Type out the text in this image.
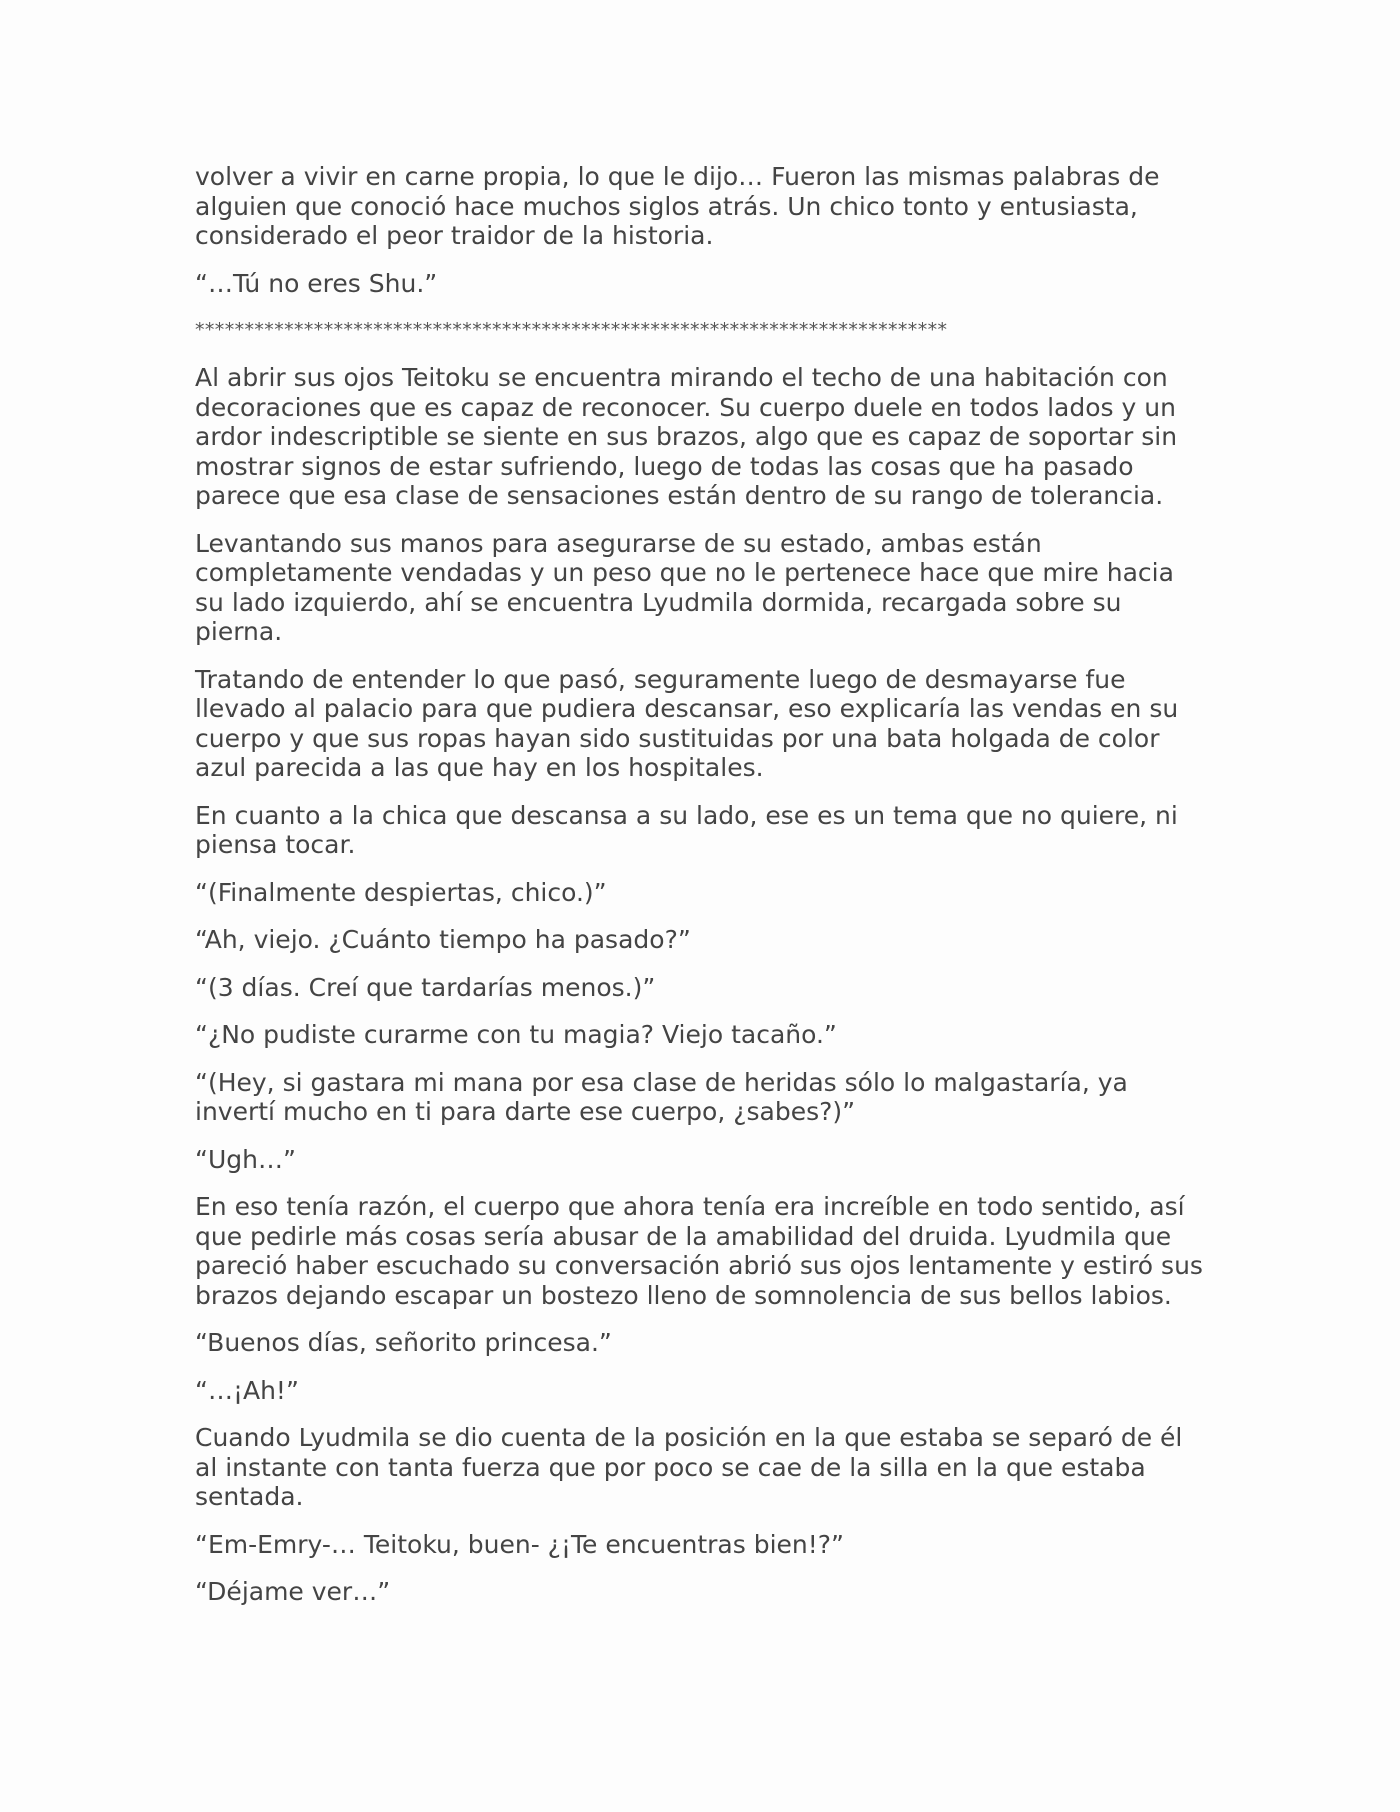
volver a vivir en carne propia, lo que le dijo… Fueron las mismas palabras de alguien que conoció hace muchos siglos atrás. Un chico tonto y entusiasta, considerado el peor traidor de la historia.

“…Tú no eres Shu.”

****************************************************************************

Al abrir sus ojos Teitoku se encuentra mirando el techo de una habitación con decoraciones que es capaz de reconocer. Su cuerpo duele en todos lados y un ardor indescriptible se siente en sus brazos, algo que es capaz de soportar sin mostrar signos de estar sufriendo, luego de todas las cosas que ha pasado parece que esa clase de sensaciones están dentro de su rango de tolerancia.

Levantando sus manos para asegurarse de su estado, ambas están completamente vendadas y un peso que no le pertenece hace que mire hacia su lado izquierdo, ahí se encuentra Lyudmila dormida, recargada sobre su pierna.

Tratando de entender lo que pasó, seguramente luego de desmayarse fue llevado al palacio para que pudiera descansar, eso explicaría las vendas en su cuerpo y que sus ropas hayan sido sustituidas por una bata holgada de color azul parecida a las que hay en los hospitales.

En cuanto a la chica que descansa a su lado, ese es un tema que no quiere, ni piensa tocar.

“(Finalmente despiertas, chico.)”

“Ah, viejo. ¿Cuánto tiempo ha pasado?”

“(3 días. Creí que tardarías menos.)”

“¿No pudiste curarme con tu magia? Viejo tacaño.”

“(Hey, si gastara mi mana por esa clase de heridas sólo lo malgastaría, ya invertí mucho en ti para darte ese cuerpo, ¿sabes?)”

“Ugh…”

En eso tenía razón, el cuerpo que ahora tenía era increíble en todo sentido, así que pedirle más cosas sería abusar de la amabilidad del druida. Lyudmila que pareció haber escuchado su conversación abrió sus ojos lentamente y estiró sus brazos dejando escapar un bostezo lleno de somnolencia de sus bellos labios.

“Buenos días, señorito princesa.”

“…¡Ah!”

Cuando Lyudmila se dio cuenta de la posición en la que estaba se separó de él al instante con tanta fuerza que por poco se cae de la silla en la que estaba sentada.

“Em-Emry-… Teitoku, buen- ¿¡Te encuentras bien!?”

“Déjame ver…”
